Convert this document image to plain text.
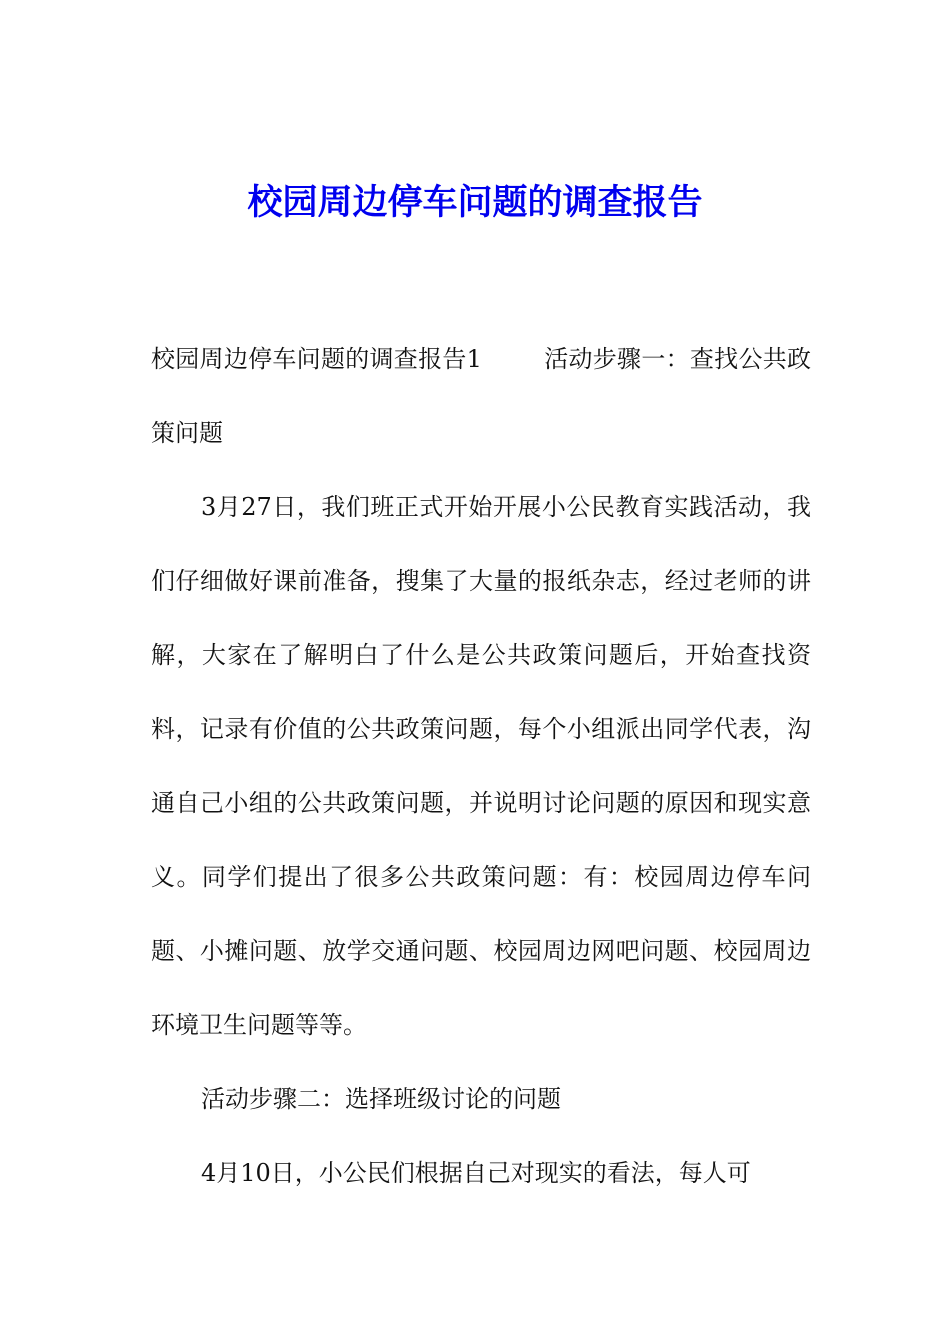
校园周边停车问题的调查报告

校园周边停车问题的调查报告1	活动步骤一：查找公共政策问题

3月27日，我们班正式开始开展小公民教育实践活动，我们仔细做好课前准备，搜集了大量的报纸杂志，经过老师的讲解，大家在了解明白了什么是公共政策问题后，开始查找资料，记录有价值的公共政策问题，每个小组派出同学代表，沟通自己小组的公共政策问题，并说明讨论问题的原因和现实意义。同学们提出了很多公共政策问题：有：校园周边停车问题、小摊问题、放学交通问题、校园周边网吧问题、校园周边环境卫生问题等等。

活动步骤二：选择班级讨论的问题

4月10日，小公民们根据自己对现实的看法，每人可
